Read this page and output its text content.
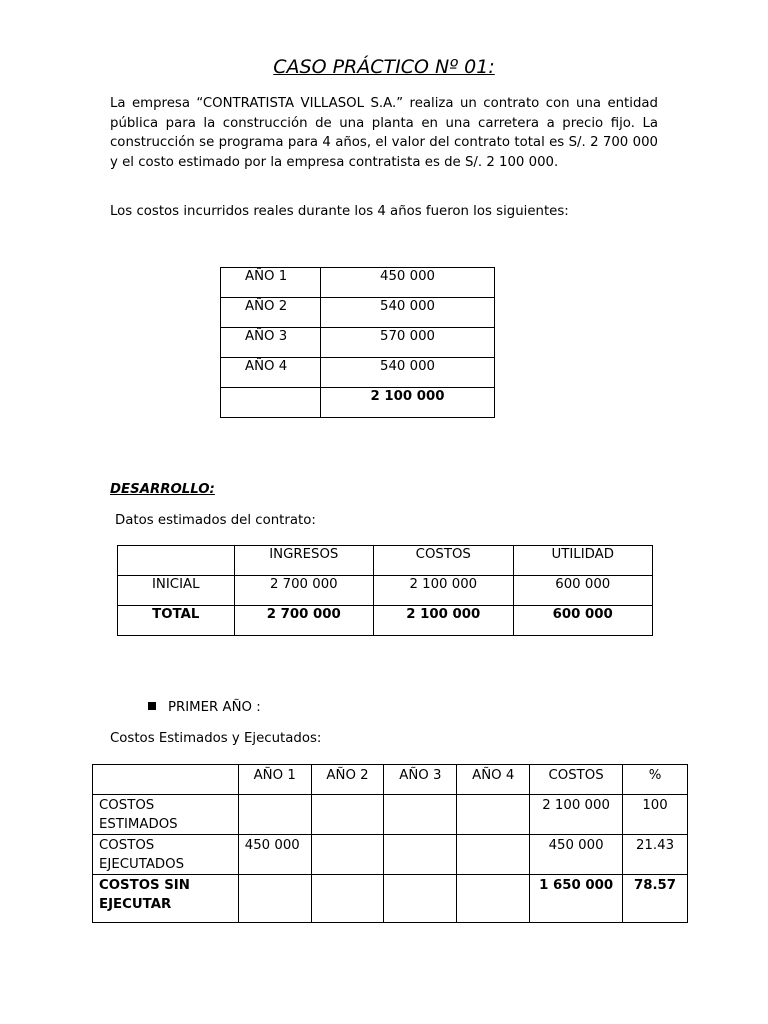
CASO PRÁCTICO Nº 01:

La empresa “CONTRATISTA VILLASOL S.A.” realiza un contrato con una entidad pública para la construcción de una planta en una carretera a precio fijo. La construcción se programa para 4 años, el valor del contrato total es S/. 2 700 000 y el costo estimado por la empresa contratista es de S/. 2 100 000.

Los costos incurridos reales durante los 4 años fueron los siguientes:

AÑO 1	450 000
AÑO 2	540 000
AÑO 3	570 000
AÑO 4	540 000
	2 100 000
DESARROLLO:
Datos estimados del contrato:
	INGRESOS	COSTOS	UTILIDAD
INICIAL	2 700 000	2 100 000	600 000
TOTAL	2 700 000	2 100 000	600 000
PRIMER AÑO :
Costos Estimados y Ejecutados:
	AÑO 1	AÑO 2	AÑO 3	AÑO 4	COSTOS	%
COSTOS ESTIMADOS					2 100 000	100
COSTOS EJECUTADOS	450 000				450 000	21.43
COSTOS SIN EJECUTAR					1 650 000	78.57
